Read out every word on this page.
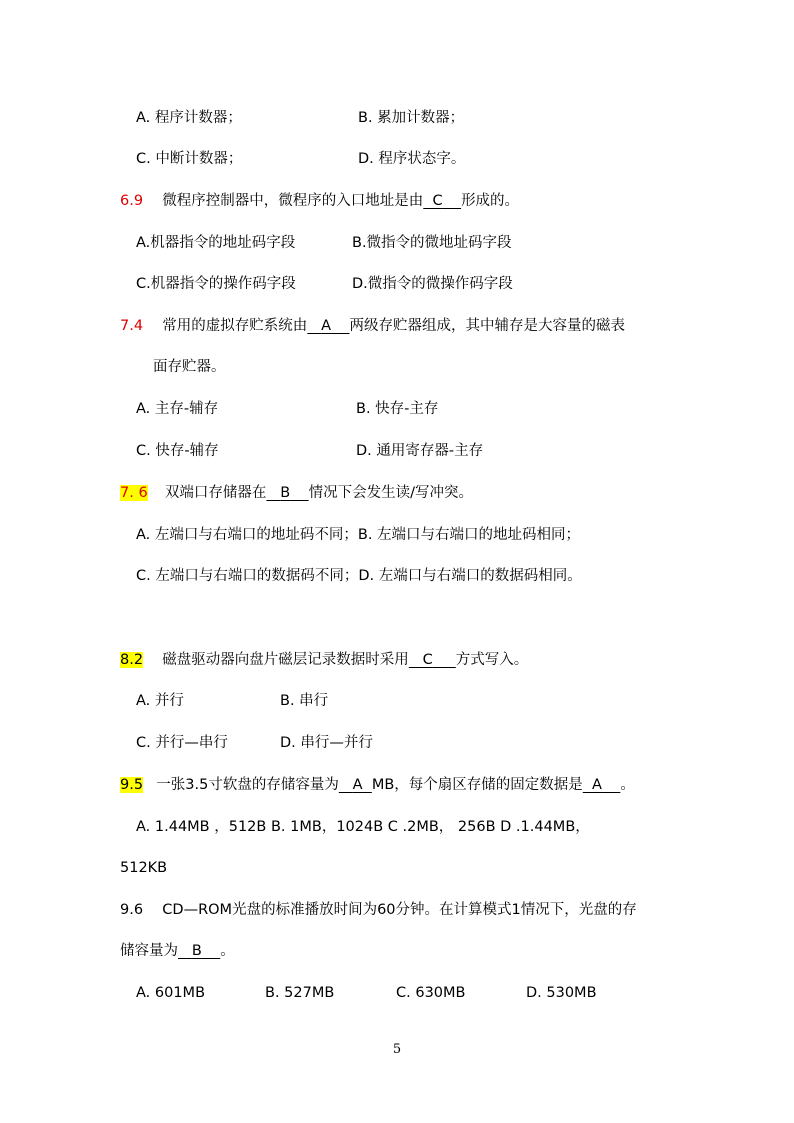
A. 程序计数器；	B. 累加计数器；
C. 中断计数器；	D. 程序状态字。
6.9 微程序控制器中，微程序的入口地址是由 C 形成的。
A.机器指令的地址码字段	B.微指令的微地址码字段
C.机器指令的操作码字段	D.微指令的微操作码字段
7.4 常用的虚拟存贮系统由 A 两级存贮器组成，其中辅存是大容量的磁表
面存贮器。
A. 主存-辅存	B. 快存-主存
C. 快存-辅存	D. 通用寄存器-主存
7. 6 双端口存储器在 B 情况下会发生读/写冲突。
A. 左端口与右端口的地址码不同；B. 左端口与右端口的地址码相同；
C. 左端口与右端口的数据码不同；D. 左端口与右端口的数据码相同。
8.2 磁盘驱动器向盘片磁层记录数据时采用 C 方式写入。
A. 并行	B. 串行
C. 并行—串行	D. 串行—并行
9.5 一张3.5寸软盘的存储容量为 A MB，每个扇区存储的固定数据是 A 。
A. 1.44MB ，512B B. 1MB，1024B C .2MB， 256B D .1.44MB，
512KB
9.6 CD—ROM光盘的标准播放时间为60分钟。在计算模式1情况下，光盘的存
储容量为 B 。
A. 601MB	B. 527MB	C. 630MB	D. 530MB
5
